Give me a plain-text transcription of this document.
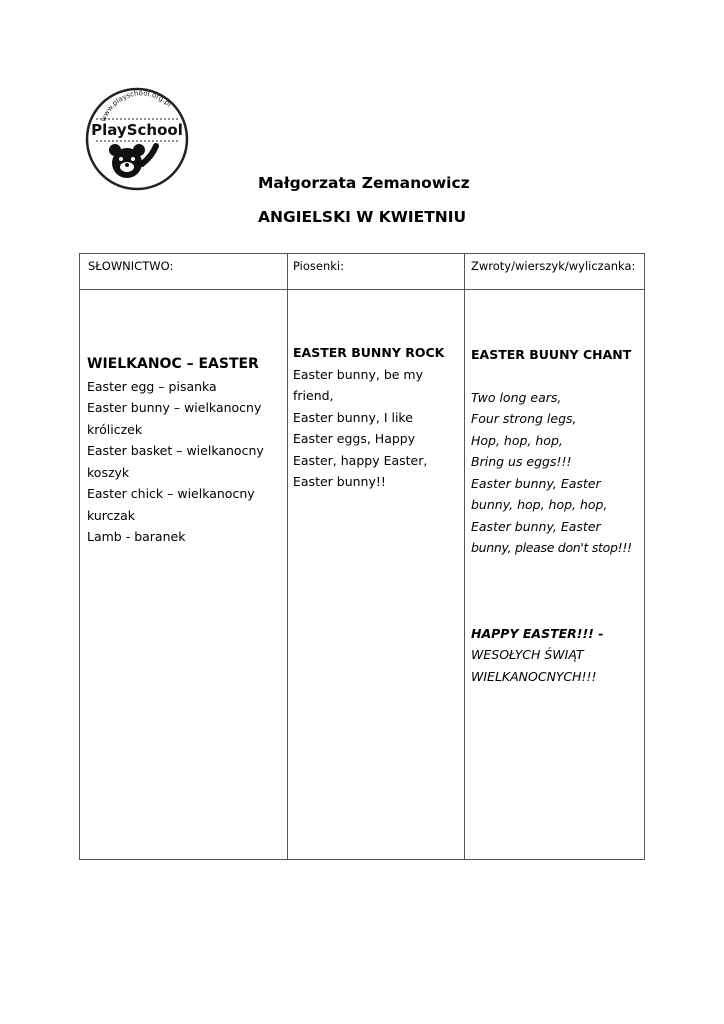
www.playschool.org.pl
PlaySchool
Małgorzata Zemanowicz
ANGIELSKI W KWIETNIU
SŁOWNICTWO:	Piosenki:	Zwroty/wierszyk/wyliczanka:
WIELKANOC – EASTER
Easter egg – pisanka
Easter bunny – wielkanocny
króliczek
Easter basket – wielkanocny
koszyk
Easter chick – wielkanocny
kurczak
Lamb - baranek
EASTER BUNNY ROCK
Easter bunny, be my
friend,
Easter bunny, I like
Easter eggs, Happy
Easter, happy Easter,
Easter bunny!!
EASTER BUUNY CHANT
Two long ears,
Four strong legs,
Hop, hop, hop,
Bring us eggs!!!
Easter bunny, Easter
bunny, hop, hop, hop,
Easter bunny, Easter
bunny, please don't stop!!!
HAPPY EASTER!!! -
WESOŁYCH ŚWIĄT
WIELKANOCNYCH!!!
